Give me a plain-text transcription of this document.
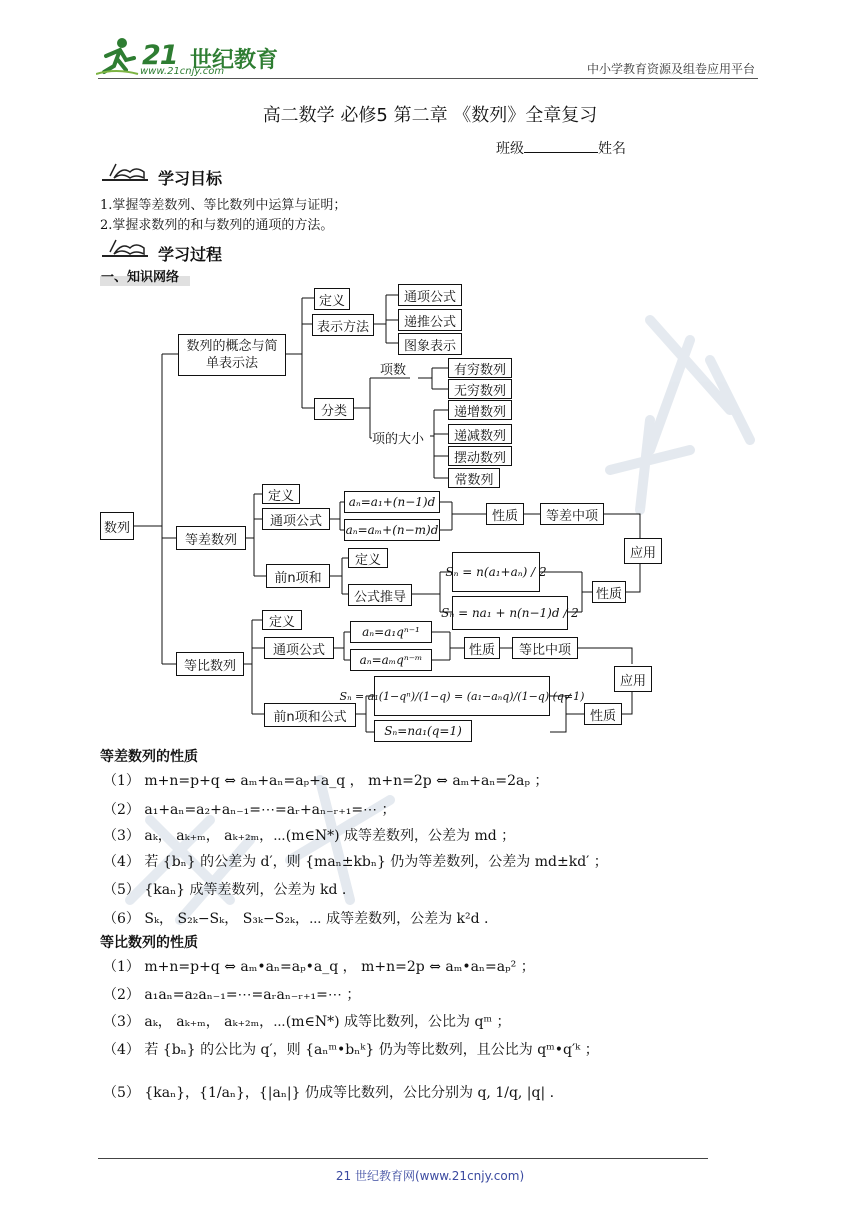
21 世纪教育
www.21cnjy.com	中小学教育资源及组卷应用平台
高二数学 必修5 第二章 《数列》全章复习
班级	姓名
学习目标
1.掌握等差数列、等比数列中运算与证明；
2.掌握求数列的和与数列的通项的方法。
学习过程
一、知识网络
数列
数列的概念与简单表示法
定义
表示方法
通项公式
递推公式
图象表示
分类
项数
项的大小
有穷数列
无穷数列
递增数列
递减数列
摆动数列
常数列
等差数列
定义
通项公式
aₙ=a₁+(n−1)d
aₙ=aₘ+(n−m)d
性质	等差中项
应用
前n项和
定义
公式推导
Sₙ = n(a₁+aₙ) / 2
Sₙ = na₁ + n(n−1)d / 2
性质
等比数列
定义
通项公式
aₙ=a₁qⁿ⁻¹
aₙ=aₘqⁿ⁻ᵐ
性质	等比中项
应用
前n项和公式
Sₙ = a₁(1−qⁿ)/(1−q) = (a₁−aₙq)/(1−q) (q≠1)
Sₙ=na₁(q=1)
性质
等差数列的性质
（1） m+n=p+q ⇔ aₘ+aₙ=aₚ+a_q ， m+n=2p ⇔ aₘ+aₙ=2aₚ ；
（2） a₁+aₙ=a₂+aₙ₋₁=⋯=aᵣ+aₙ₋ᵣ₊₁=⋯ ；
（3） aₖ， aₖ₊ₘ， aₖ₊₂ₘ，⋯(m∈N*) 成等差数列，公差为 md ；
（4） 若 {bₙ} 的公差为 d′，则 {maₙ±kbₙ} 仍为等差数列，公差为 md±kd′ ；
（5） {kaₙ} 成等差数列，公差为 kd .
（6） Sₖ， S₂ₖ−Sₖ， S₃ₖ−S₂ₖ，⋯ 成等差数列，公差为 k²d .
等比数列的性质
（1） m+n=p+q ⇔ aₘ•aₙ=aₚ•a_q ， m+n=2p ⇔ aₘ•aₙ=aₚ² ；
（2） a₁aₙ=a₂aₙ₋₁=⋯=aᵣaₙ₋ᵣ₊₁=⋯ ；
（3） aₖ， aₖ₊ₘ， aₖ₊₂ₘ，⋯(m∈N*) 成等比数列，公比为 qᵐ ；
（4） 若 {bₙ} 的公比为 q′，则 {aₙᵐ•bₙᵏ} 仍为等比数列，且公比为 qᵐ•q′ᵏ ；
（5） {kaₙ}，{1/aₙ}，{|aₙ|} 仍成等比数列，公比分别为 q, 1/q, |q| .
21 世纪教育网(www.21cnjy.com)
